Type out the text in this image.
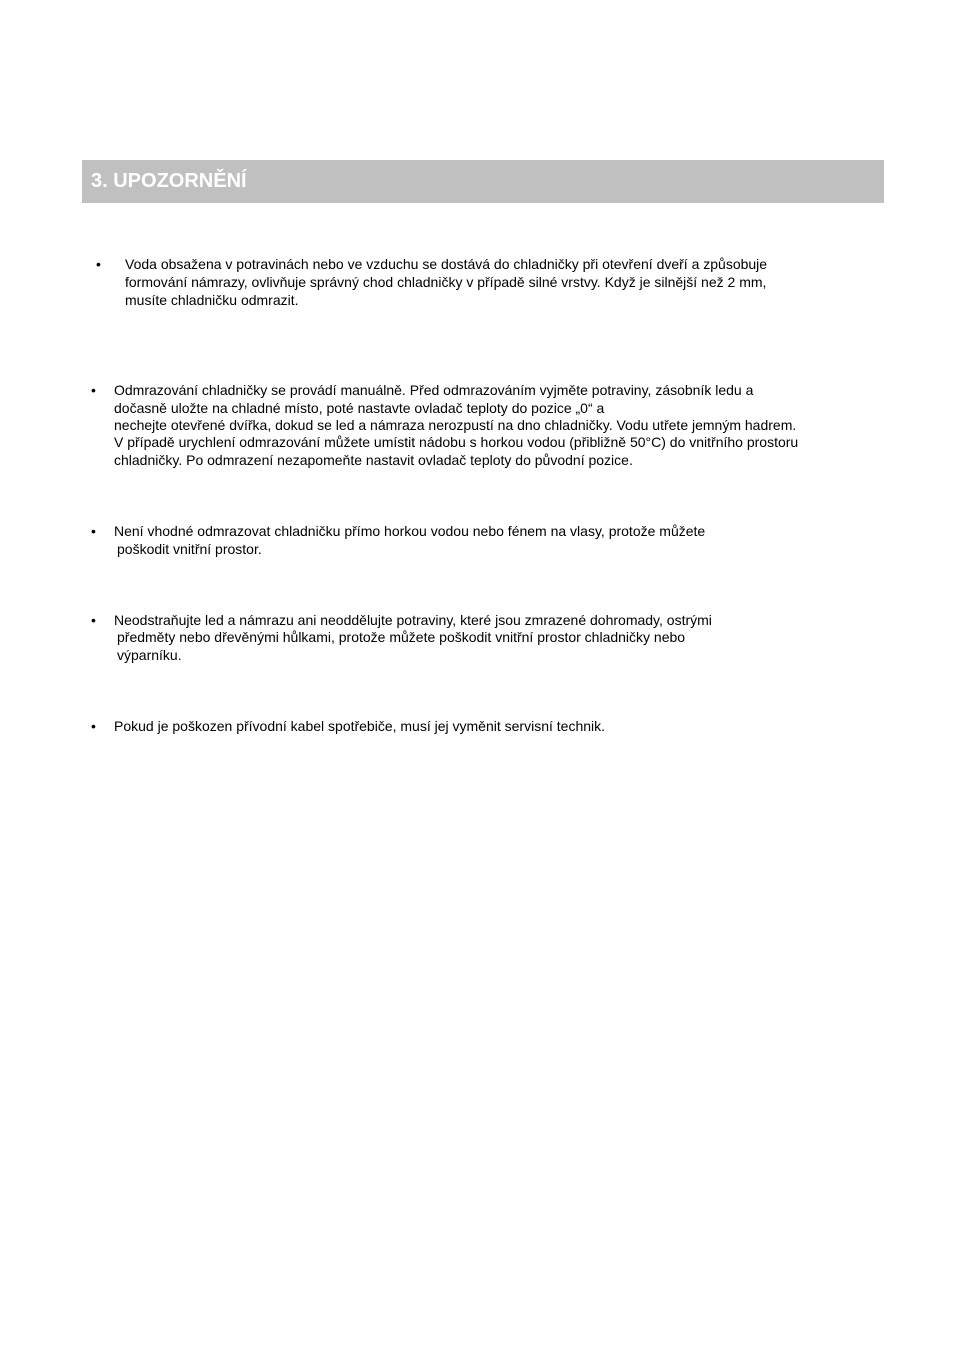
3. UPOZORNĚNÍ
• Voda obsažena v potravinách nebo ve vzduchu se dostává do chladničky při otevření dveří a způsobuje
formování námrazy, ovlivňuje správný chod chladničky v případě silné vrstvy. Když je silnější než 2 mm,
musíte chladničku odmrazit.
• Odmrazování chladničky se provádí manuálně. Před odmrazováním vyjměte potraviny, zásobník ledu a
dočasně uložte na chladné místo, poté nastavte ovladač teploty do pozice „0“ a
nechejte otevřené dvířka, dokud se led a námraza nerozpustí na dno chladničky. Vodu utřete jemným hadrem.
V případě urychlení odmrazování můžete umístit nádobu s horkou vodou (přibližně 50°C) do vnitřního prostoru
chladničky. Po odmrazení nezapomeňte nastavit ovladač teploty do původní pozice.
• Není vhodné odmrazovat chladničku přímo horkou vodou nebo fénem na vlasy, protože můžete
poškodit vnitřní prostor.
• Neodstraňujte led a námrazu ani neoddělujte potraviny, které jsou zmrazené dohromady, ostrými
předměty nebo dřevěnými hůlkami, protože můžete poškodit vnitřní prostor chladničky nebo
výparníku.
• Pokud je poškozen přívodní kabel spotřebiče, musí jej vyměnit servisní technik.
